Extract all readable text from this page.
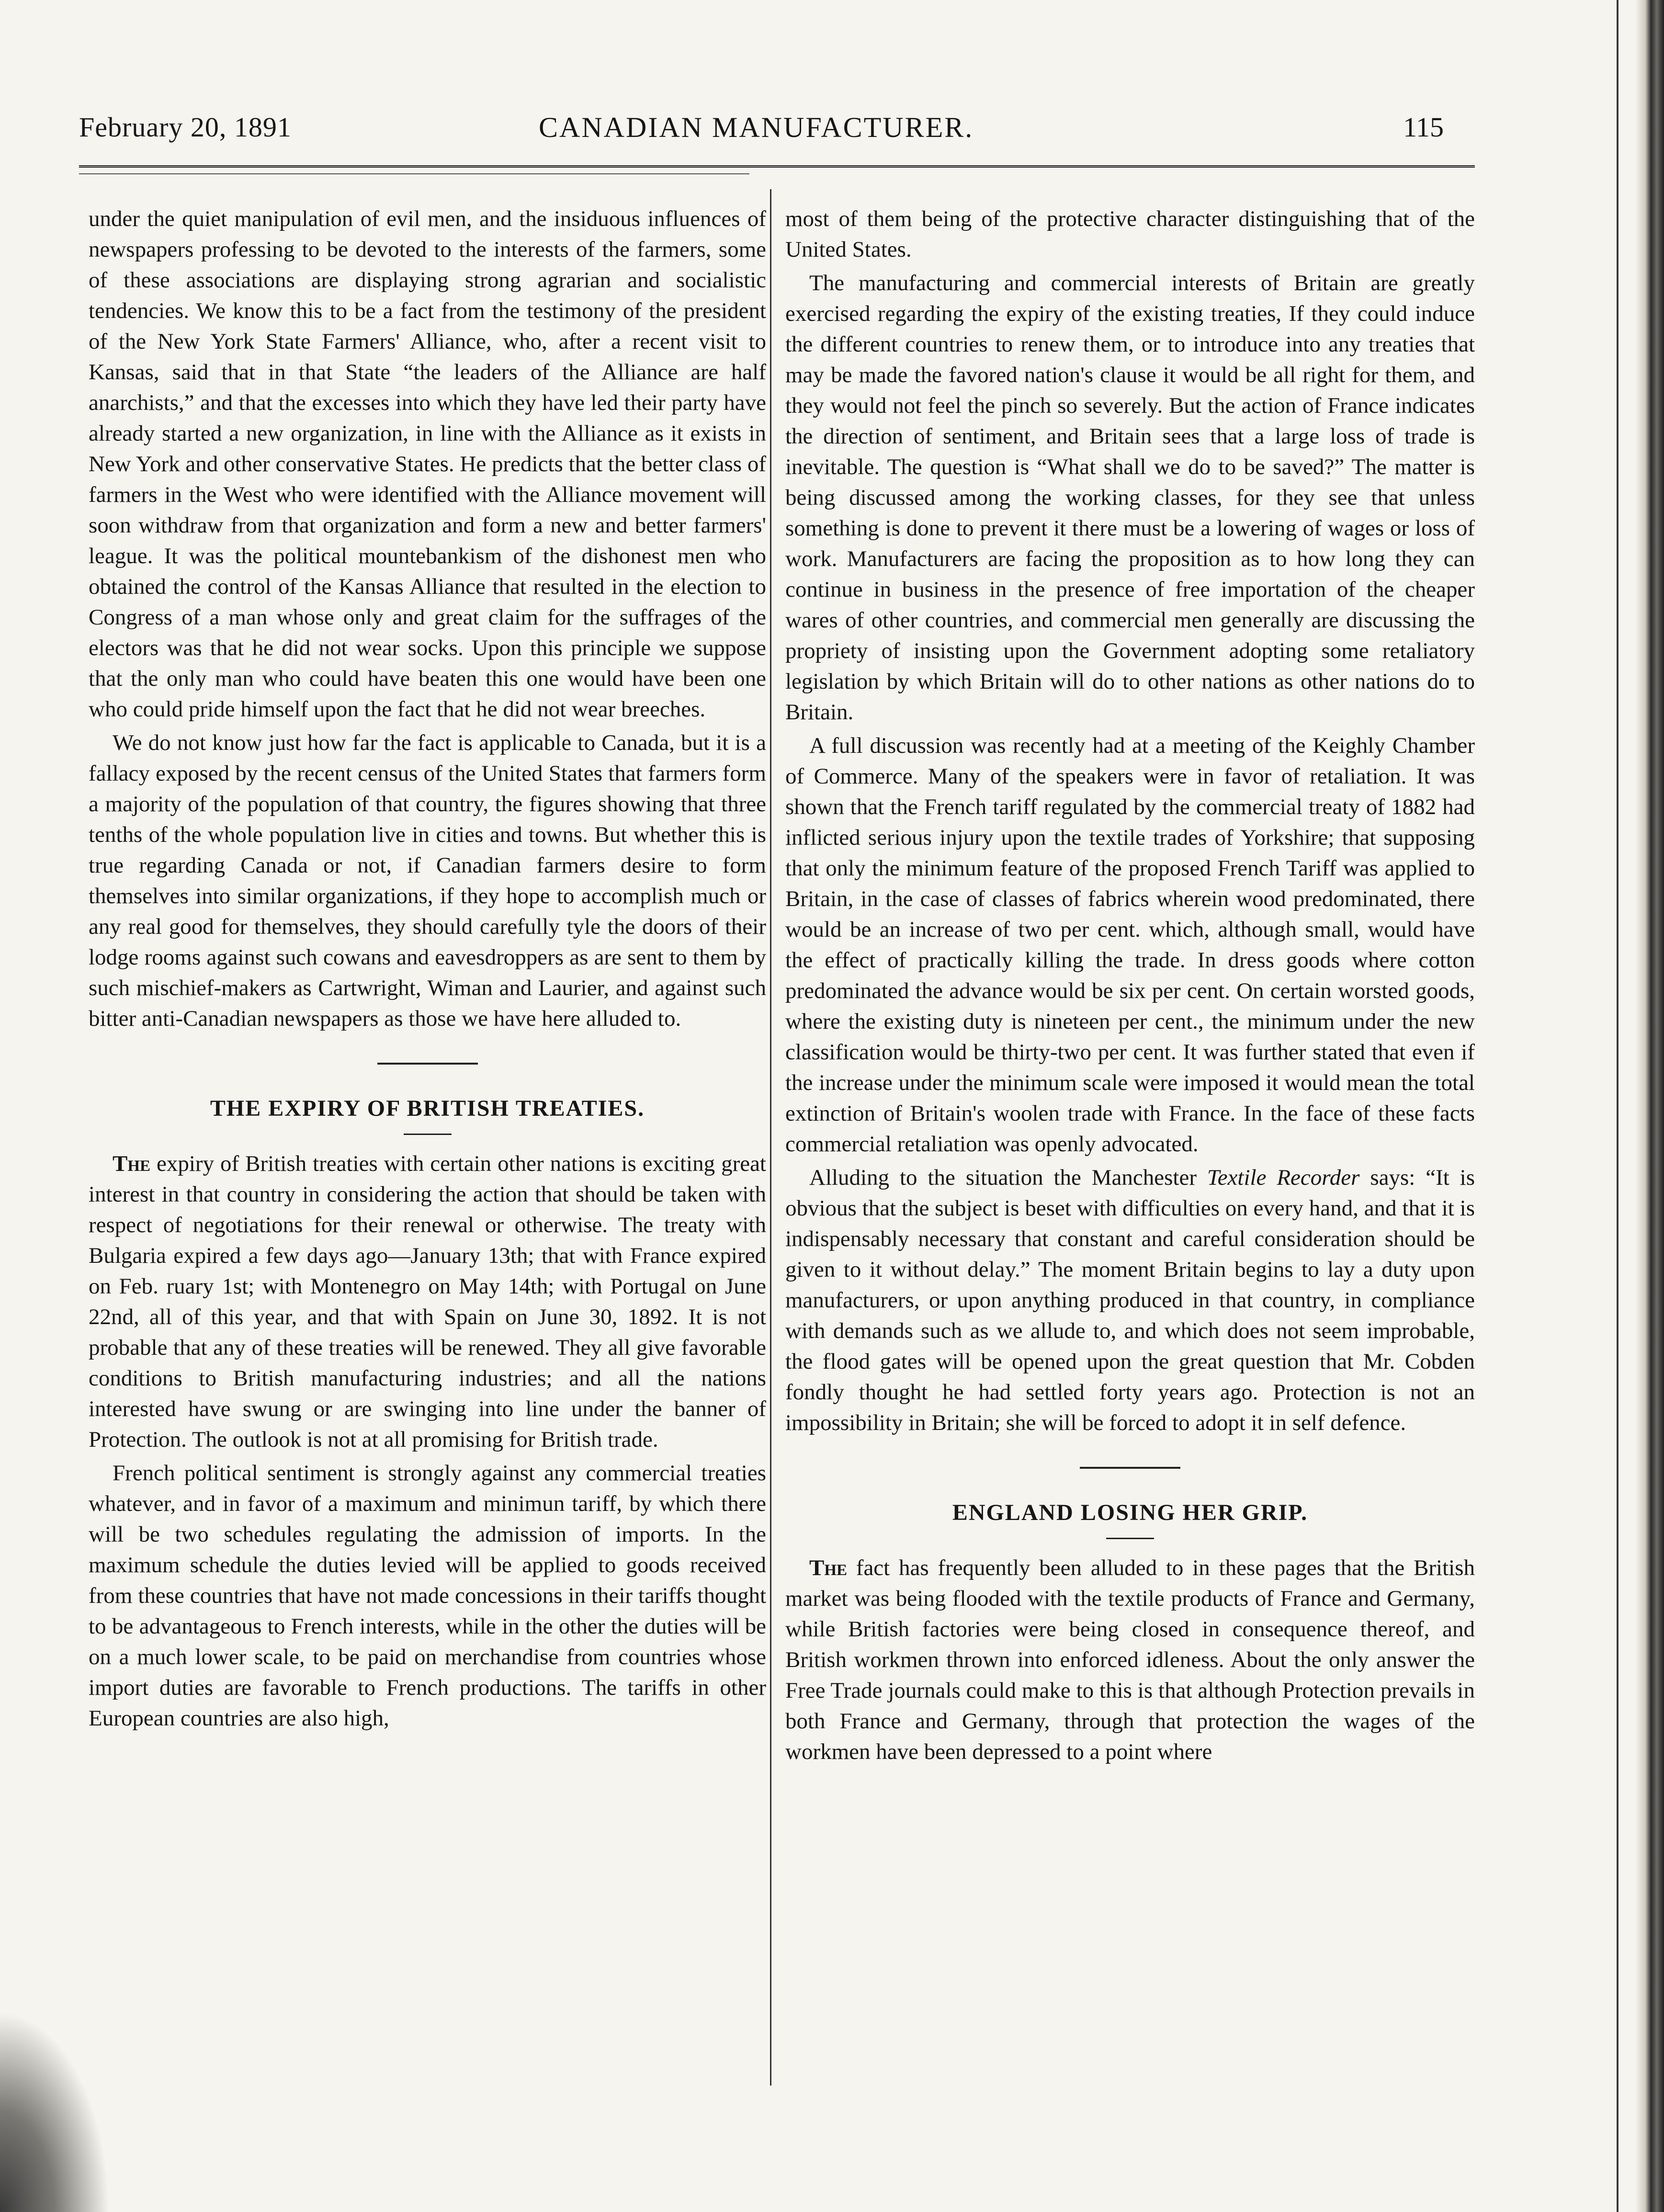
February 20, 1891	CANADIAN MANUFACTURER.	115

under the quiet manipulation of evil men, and the insiduous influences of newspapers professing to be devoted to the interests of the farmers, some of these associations are displaying strong agrarian and socialistic tendencies. We know this to be a fact from the testimony of the president of the New York State Farmers' Alliance, who, after a recent visit to Kansas, said that in that State “the leaders of the Alliance are half anarchists,” and that the excesses into which they have led their party have already started a new organization, in line with the Alliance as it exists in New York and other conservative States. He predicts that the better class of farmers in the West who were identified with the Alliance movement will soon withdraw from that organization and form a new and better farmers' league. It was the political mountebankism of the dishonest men who obtained the control of the Kansas Alliance that resulted in the election to Congress of a man whose only and great claim for the suffrages of the electors was that he did not wear socks. Upon this principle we suppose that the only man who could have beaten this one would have been one who could pride himself upon the fact that he did not wear breeches.

We do not know just how far the fact is applicable to Canada, but it is a fallacy exposed by the recent census of the United States that farmers form a majority of the population of that country, the figures showing that three tenths of the whole population live in cities and towns. But whether this is true regarding Canada or not, if Canadian farmers desire to form themselves into similar organizations, if they hope to accomplish much or any real good for themselves, they should carefully tyle the doors of their lodge rooms against such cowans and eavesdroppers as are sent to them by such mischief-makers as Cartwright, Wiman and Laurier, and against such bitter anti-Canadian newspapers as those we have here alluded to.

THE EXPIRY OF BRITISH TREATIES.

The expiry of British treaties with certain other nations is exciting great interest in that country in considering the action that should be taken with respect of negotiations for their renewal or otherwise. The treaty with Bulgaria expired a few days ago—January 13th; that with France expired on Feb. ruary 1st; with Montenegro on May 14th; with Portugal on June 22nd, all of this year, and that with Spain on June 30, 1892. It is not probable that any of these treaties will be renewed. They all give favorable conditions to British manufacturing industries; and all the nations interested have swung or are swinging into line under the banner of Protection. The outlook is not at all promising for British trade.

French political sentiment is strongly against any commercial treaties whatever, and in favor of a maximum and minimun tariff, by which there will be two schedules regulating the admission of imports. In the maximum schedule the duties levied will be applied to goods received from these countries that have not made concessions in their tariffs thought to be advantageous to French interests, while in the other the duties will be on a much lower scale, to be paid on merchandise from countries whose import duties are favorable to French productions. The tariffs in other European countries are also high,

most of them being of the protective character distinguishing that of the United States.

The manufacturing and commercial interests of Britain are greatly exercised regarding the expiry of the existing treaties, If they could induce the different countries to renew them, or to introduce into any treaties that may be made the favored nation's clause it would be all right for them, and they would not feel the pinch so severely. But the action of France indicates the direction of sentiment, and Britain sees that a large loss of trade is inevitable. The question is “What shall we do to be saved?” The matter is being discussed among the working classes, for they see that unless something is done to prevent it there must be a lowering of wages or loss of work. Manufacturers are facing the proposition as to how long they can continue in business in the presence of free importation of the cheaper wares of other countries, and commercial men generally are discussing the propriety of insisting upon the Government adopting some retaliatory legislation by which Britain will do to other nations as other nations do to Britain.

A full discussion was recently had at a meeting of the Keighly Chamber of Commerce. Many of the speakers were in favor of retaliation. It was shown that the French tariff regulated by the commercial treaty of 1882 had inflicted serious injury upon the textile trades of Yorkshire; that supposing that only the minimum feature of the proposed French Tariff was applied to Britain, in the case of classes of fabrics wherein wood predominated, there would be an increase of two per cent. which, although small, would have the effect of practically killing the trade. In dress goods where cotton predominated the advance would be six per cent. On certain worsted goods, where the existing duty is nineteen per cent., the minimum under the new classification would be thirty-two per cent. It was further stated that even if the increase under the minimum scale were imposed it would mean the total extinction of Britain's woolen trade with France. In the face of these facts commercial retaliation was openly advocated.

Alluding to the situation the Manchester Textile Recorder says: “It is obvious that the subject is beset with difficulties on every hand, and that it is indispensably necessary that constant and careful consideration should be given to it without delay.” The moment Britain begins to lay a duty upon manufacturers, or upon anything produced in that country, in compliance with demands such as we allude to, and which does not seem improbable, the flood gates will be opened upon the great question that Mr. Cobden fondly thought he had settled forty years ago. Protection is not an impossibility in Britain; she will be forced to adopt it in self defence.

ENGLAND LOSING HER GRIP.

The fact has frequently been alluded to in these pages that the British market was being flooded with the textile products of France and Germany, while British factories were being closed in consequence thereof, and British workmen thrown into enforced idleness. About the only answer the Free Trade journals could make to this is that although Protection prevails in both France and Germany, through that protection the wages of the workmen have been depressed to a point where
